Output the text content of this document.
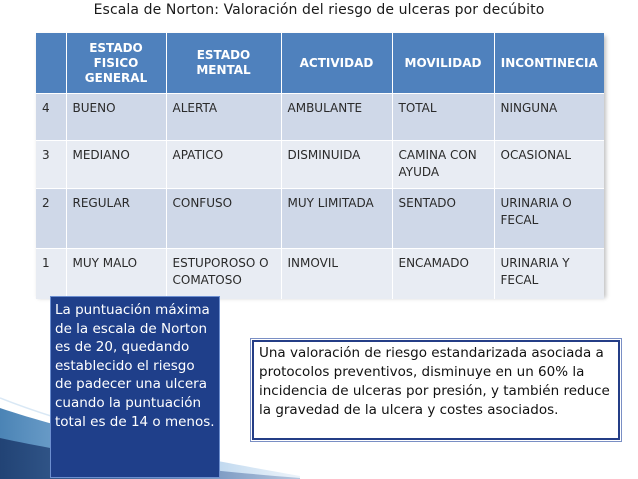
Escala de Norton: Valoración del riesgo de ulceras por decúbito
	ESTADO FISICO GENERAL	ESTADO MENTAL	ACTIVIDAD	MOVILIDAD	INCONTINECIA
4	BUENO	ALERTA	AMBULANTE	TOTAL	NINGUNA
3	MEDIANO	APATICO	DISMINUIDA	CAMINA CON AYUDA	OCASIONAL
2	REGULAR	CONFUSO	MUY LIMITADA	SENTADO	URINARIA O FECAL
1	MUY MALO	ESTUPOROSO O COMATOSO	INMOVIL	ENCAMADO	URINARIA Y FECAL

La puntuación máxima de la escala de Norton es de 20, quedando establecido el riesgo de padecer una ulcera cuando la puntuación total es de 14 o menos.

Una valoración de riesgo estandarizada asociada a protocolos preventivos, disminuye en un 60% la incidencia de ulceras por presión, y también reduce la gravedad de la ulcera y costes asociados.
